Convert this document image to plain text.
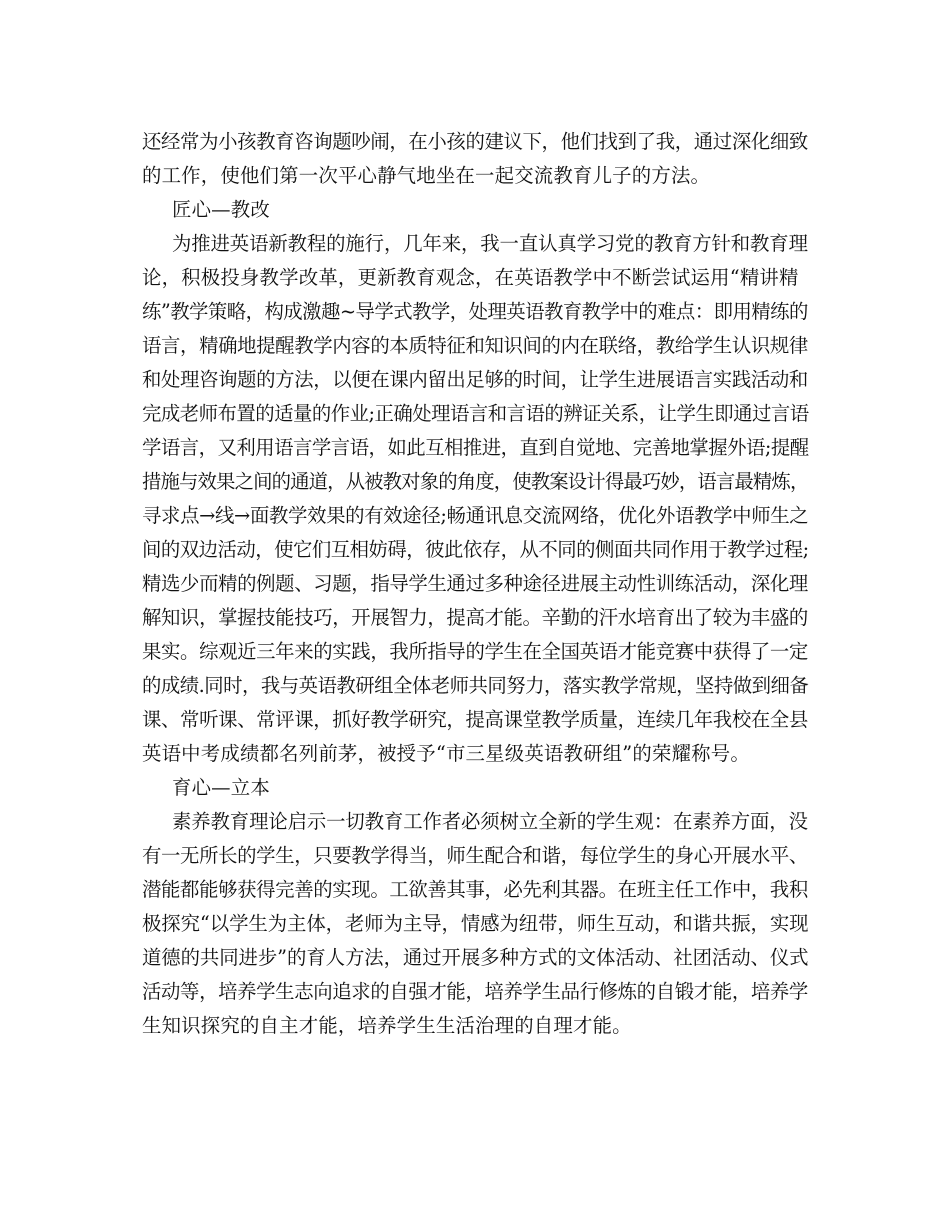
还经常为小孩教育咨询题吵闹，在小孩的建议下，他们找到了我，通过深化细致
的工作，使他们第一次平心静气地坐在一起交流教育儿子的方法。
匠心—教改
为推进英语新教程的施行，几年来，我一直认真学习党的教育方针和教育理
论，积极投身教学改革，更新教育观念，在英语教学中不断尝试运用“精讲精
练”教学策略，构成激趣~导学式教学，处理英语教育教学中的难点：即用精练的
语言，精确地提醒教学内容的本质特征和知识间的内在联络，教给学生认识规律
和处理咨询题的方法，以便在课内留出足够的时间，让学生进展语言实践活动和
完成老师布置的适量的作业;正确处理语言和言语的辨证关系，让学生即通过言语
学语言，又利用语言学言语，如此互相推进，直到自觉地、完善地掌握外语;提醒
措施与效果之间的通道，从被教对象的角度，使教案设计得最巧妙，语言最精炼，
寻求点→线→面教学效果的有效途径;畅通讯息交流网络，优化外语教学中师生之
间的双边活动，使它们互相妨碍，彼此依存，从不同的侧面共同作用于教学过程;
精选少而精的例题、习题，指导学生通过多种途径进展主动性训练活动，深化理
解知识，掌握技能技巧，开展智力，提高才能。辛勤的汗水培育出了较为丰盛的
果实。综观近三年来的实践，我所指导的学生在全国英语才能竞赛中获得了一定
的成绩.同时，我与英语教研组全体老师共同努力，落实教学常规，坚持做到细备
课、常听课、常评课，抓好教学研究，提高课堂教学质量，连续几年我校在全县
英语中考成绩都名列前茅，被授予“市三星级英语教研组”的荣耀称号。
育心—立本
素养教育理论启示一切教育工作者必须树立全新的学生观：在素养方面，没
有一无所长的学生，只要教学得当，师生配合和谐，每位学生的身心开展水平、
潜能都能够获得完善的实现。工欲善其事，必先利其器。在班主任工作中，我积
极探究“以学生为主体，老师为主导，情感为纽带，师生互动，和谐共振，实现
道德的共同进步”的育人方法，通过开展多种方式的文体活动、社团活动、仪式
活动等，培养学生志向追求的自强才能，培养学生品行修炼的自锻才能，培养学
生知识探究的自主才能，培养学生生活治理的自理才能。
